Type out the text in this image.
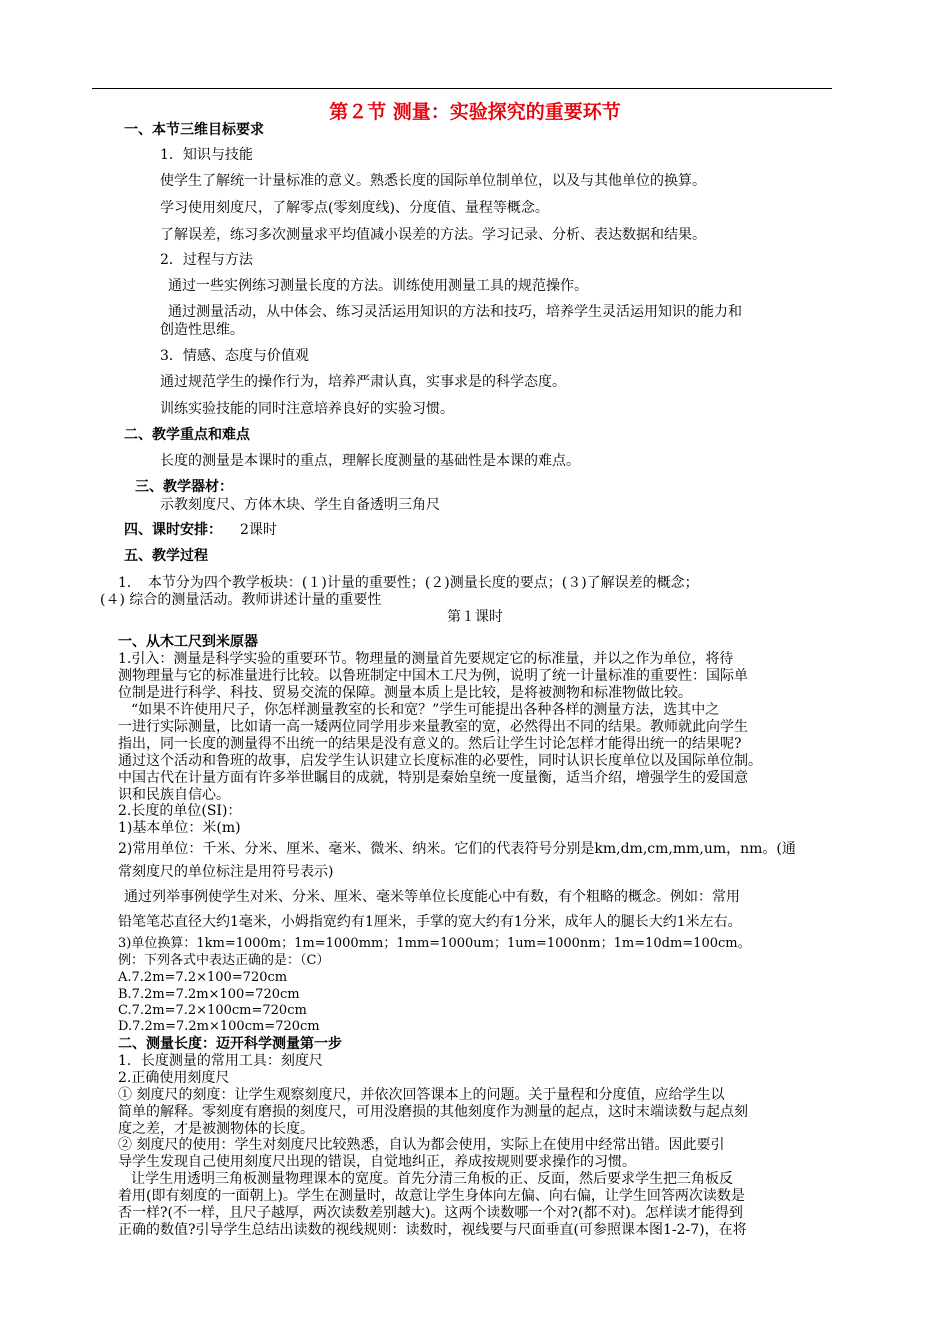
第２节 测量：实验探究的重要环节
一、本节三维目标要求
1．知识与技能
使学生了解统一计量标准的意义。熟悉长度的国际单位制单位，以及与其他单位的换算。
学习使用刻度尺，了解零点(零刻度线)、分度值、量程等概念。
了解误差，练习多次测量求平均值减小误差的方法。学习记录、分析、表达数据和结果。
2．过程与方法
通过一些实例练习测量长度的方法。训练使用测量工具的规范操作。
通过测量活动，从中体会、练习灵活运用知识的方法和技巧，培养学生灵活运用知识的能力和
创造性思维。
3．情感、态度与价值观
通过规范学生的操作行为，培养严肃认真，实事求是的科学态度。
训练实验技能的同时注意培养良好的实验习惯。
二、教学重点和难点
长度的测量是本课时的重点，理解长度测量的基础性是本课的难点。
三、教学器材：
示教刻度尺、方体木块、学生自备透明三角尺
四、课时安排： 2课时
五、教学过程
1．　本节分为四个教学板块：(１)计量的重要性；(２)测量长度的要点；(３)了解误差的概念；
(４) 综合的测量活动。教师讲述计量的重要性
第１课时
一、从木工尺到米原器
1.引入：测量是科学实验的重要环节。物理量的测量首先要规定它的标准量，并以之作为单位，将待
测物理量与它的标准量进行比较。以鲁班制定中国木工尺为例，说明了统一计量标准的重要性：国际单
位制是进行科学、科技、贸易交流的保障。测量本质上是比较，是将被测物和标准物做比较。
“如果不许使用尺子，你怎样测量教室的长和宽？”学生可能提出各种各样的测量方法，选其中之
一进行实际测量，比如请一高一矮两位同学用步来量教室的宽，必然得出不同的结果。教师就此向学生
指出，同一长度的测量得不出统一的结果是没有意义的。然后让学生讨论怎样才能得出统一的结果呢?
通过这个活动和鲁班的故事，启发学生认识建立长度标准的必要性，同时认识长度单位以及国际单位制。
中国古代在计量方面有许多举世瞩目的成就，特别是秦始皇统一度量衡，适当介绍，增强学生的爱国意
识和民族自信心。
2.长度的单位(SI)：
1)基本单位：米(m)
2)常用单位：千米、分米、厘米、毫米、微米、纳米。它们的代表符号分别是km,dm,cm,mm,um，nm。(通
常刻度尺的单位标注是用符号表示)
通过列举事例使学生对米、分米、厘米、毫米等单位长度能心中有数，有个粗略的概念。例如：常用
铅笔笔芯直径大约1毫米，小姆指宽约有1厘米，手掌的宽大约有1分米，成年人的腿长大约1米左右。
3)单位换算：1km=1000m；1m=1000mm；1mm=1000um；1um=1000nm；1m=10dm=100cm。
例：下列各式中表达正确的是：（C）
A.7.2m=7.2×100=720cm
B.7.2m=7.2m×100=720cm
C.7.2m=7.2×100cm=720cm
D.7.2m=7.2m×100cm=720cm
二、测量长度：迈开科学测量第一步
1．长度测量的常用工具：刻度尺
2.正确使用刻度尺
① 刻度尺的刻度：让学生观察刻度尺，并依次回答课本上的问题。关于量程和分度值，应给学生以
简单的解释。零刻度有磨损的刻度尺，可用没磨损的其他刻度作为测量的起点，这时末端读数与起点刻
度之差，才是被测物体的长度。
② 刻度尺的使用：学生对刻度尺比较熟悉，自认为都会使用，实际上在使用中经常出错。因此要引
导学生发现自己使用刻度尺出现的错误，自觉地纠正，养成按规则要求操作的习惯。
让学生用透明三角板测量物理课本的宽度。首先分清三角板的正、反面，然后要求学生把三角板反
着用(即有刻度的一面朝上)。学生在测量时，故意让学生身体向左偏、向右偏，让学生回答两次读数是
否一样?(不一样，且尺子越厚，两次读数差别越大)。这两个读数哪一个对?(都不对)。怎样读才能得到
正确的数值?引导学生总结出读数的视线规则：读数时，视线要与尺面垂直(可参照课本图1-2-7)，在将
